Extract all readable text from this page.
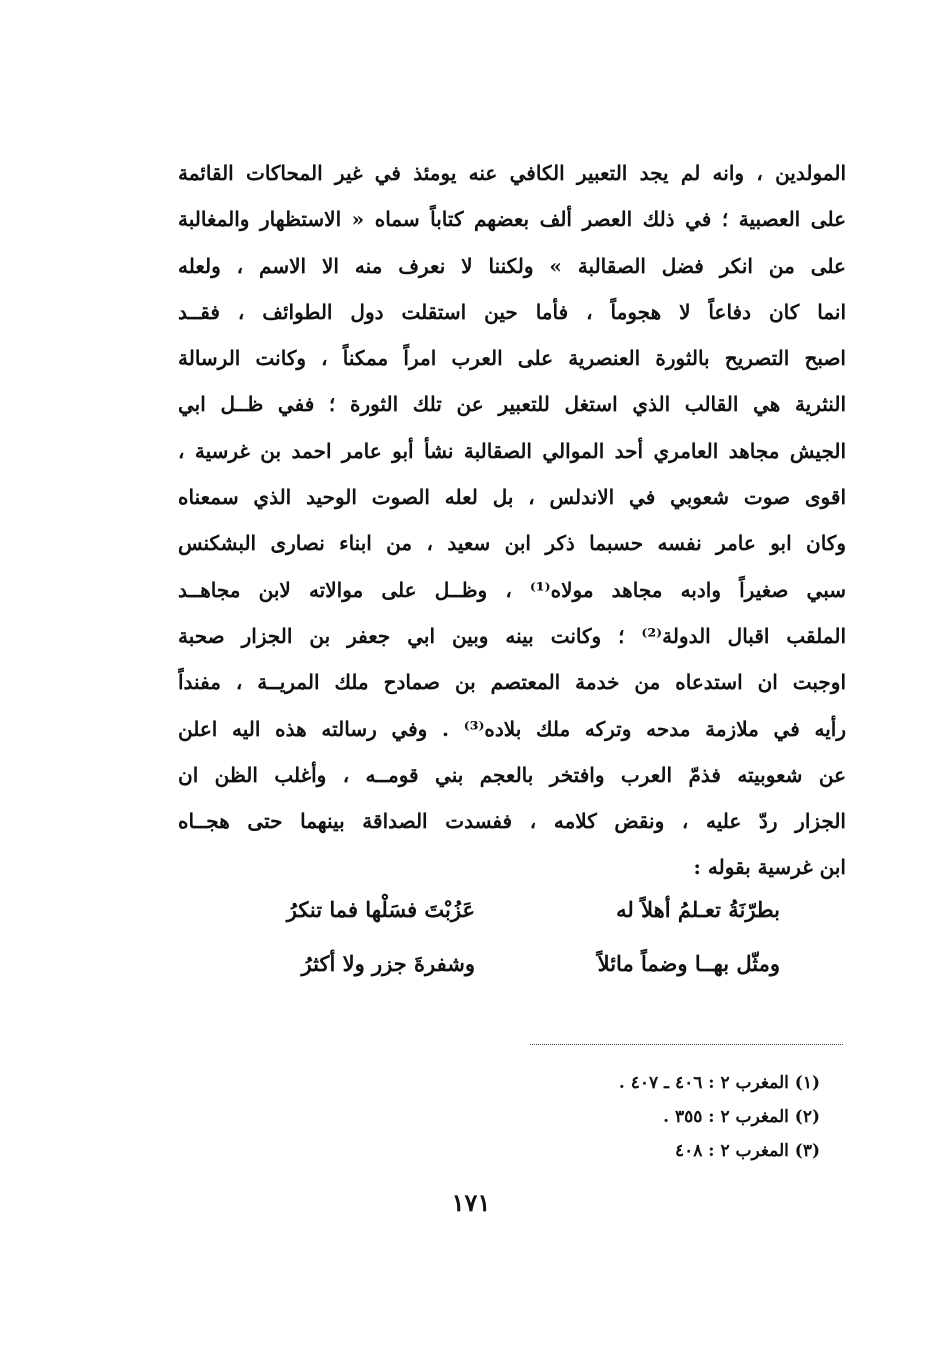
المولدين ، وانه لم يجد التعبير الكافي عنه يومئذ في غير المحاكات القائمة
على العصبية ؛ في ذلك العصر ألف بعضهم كتاباً سماه « الاستظهار والمغالبة
على من انكر فضل الصقالبة » ولكننا لا نعرف منه الا الاسم ، ولعله
انما كان دفاعاً لا هجوماً ، فأما حين استقلت دول الطوائف ، فقــد
اصبح التصريح بالثورة العنصرية على العرب امراً ممكناً ، وكانت الرسالة
النثرية هي القالب الذي استغل للتعبير عن تلك الثورة ؛ ففي ظــل ابي
الجيش مجاهد العامري أحد الموالي الصقالبة نشأ أبو عامر احمد بن غرسية ،
اقوى صوت شعوبي في الاندلس ، بل لعله الصوت الوحيد الذي سمعناه
وكان ابو عامر نفسه حسبما ذكر ابن سعيد ، من ابناء نصارى البشكنس
سبي صغيراً وادبه مجاهد مولاه⁽¹⁾ ، وظــل على موالاته لابن مجاهــد
الملقب اقبال الدولة⁽²⁾ ؛ وكانت بينه وبين ابي جعفر بن الجزار صحبة
اوجبت ان استدعاه من خدمة المعتصم بن صمادح ملك المريــة ، مفنداً
رأيه في ملازمة مدحه وتركه ملك بلاده⁽³⁾ . وفي رسالته هذه اليه اعلن
عن شعوبيته فذمّ العرب وافتخر بالعجم بني قومــه ، وأغلب الظن ان
الجزار ردّ عليه ، ونقض كلامه ، ففسدت الصداقة بينهما حتى هجــاه
ابن غرسية بقوله :
بطرّنَةُ تعـلمُ أهلاً له
عَزُبْتَ فسَلْها فما تنكرُ
ومثّل بهــا وضماً مائلاً
وشفرةَ جزر ولا أكثرُ
(١) المغرب ٢ : ٤٠٦ ـ ٤٠٧ .
(٢) المغرب ٢ : ٣٥٥ .
(٣) المغرب ٢ : ٤٠٨
١٧١
